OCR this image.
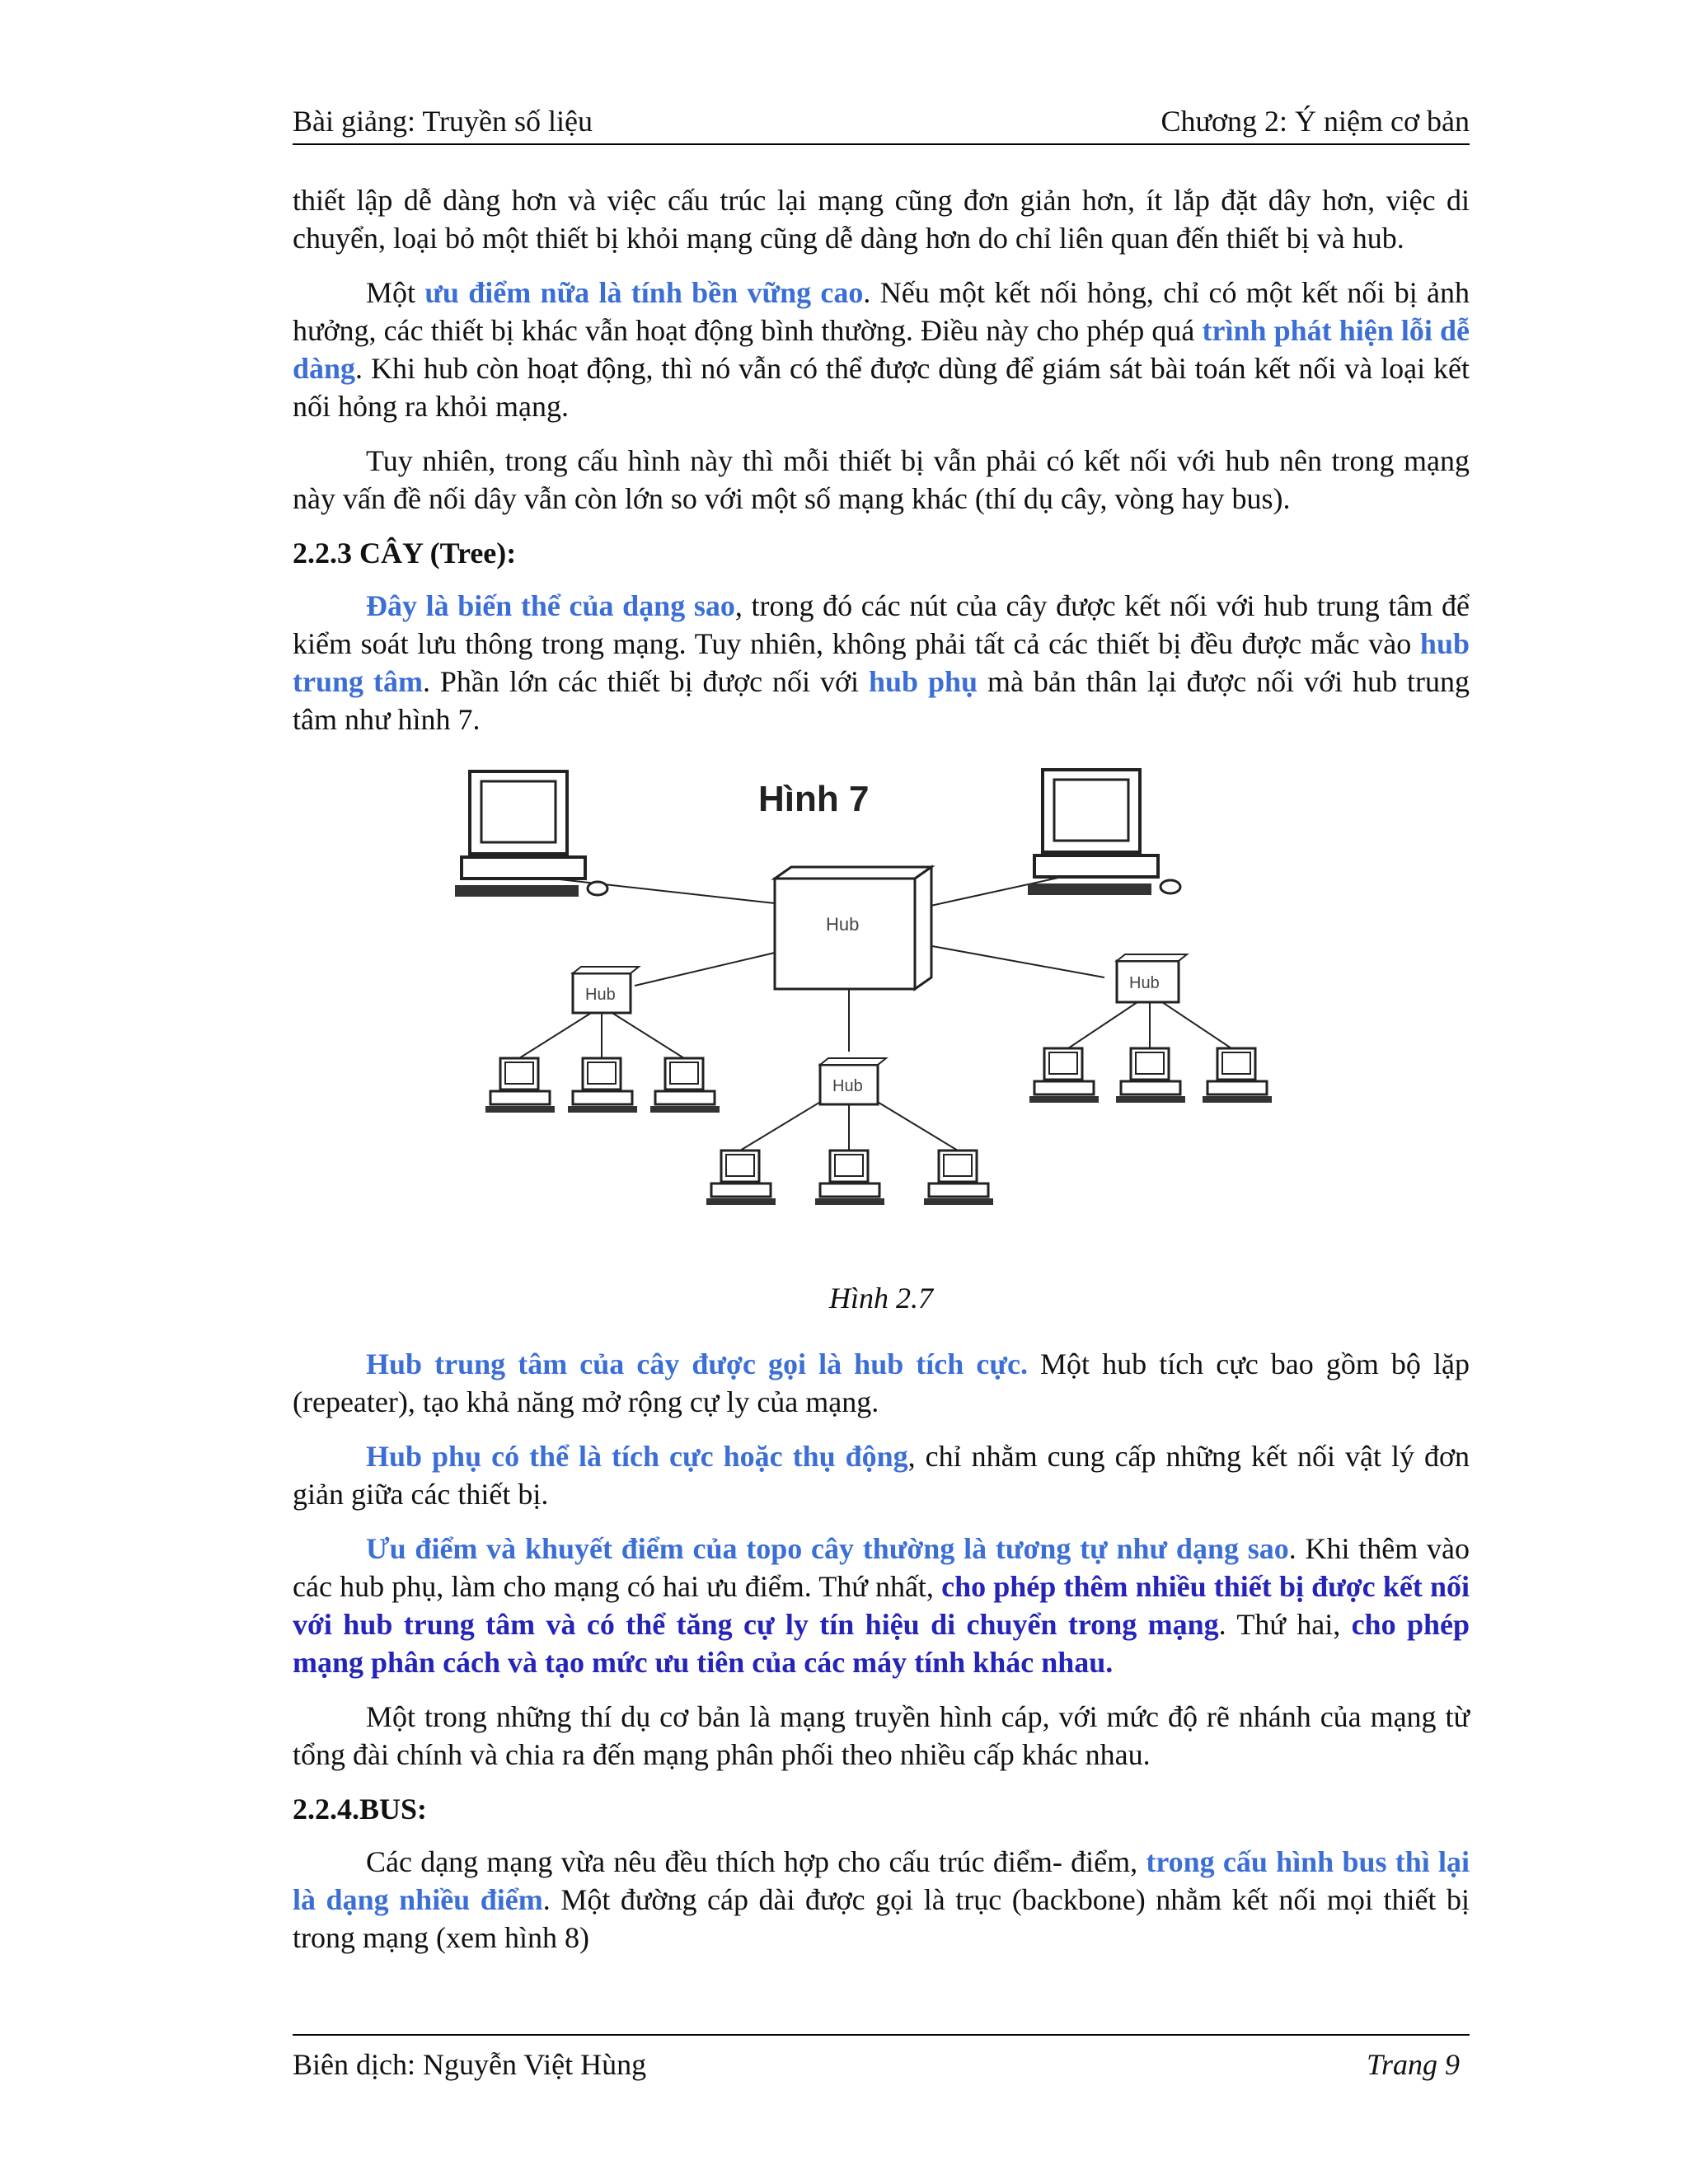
Bài giảng: Truyền số liệu	Chương 2: Ý niệm cơ bản

thiết lập dễ dàng hơn và việc cấu trúc lại mạng cũng đơn giản hơn, ít lắp đặt dây hơn, việc di chuyển, loại bỏ một thiết bị khỏi mạng cũng dễ dàng hơn do chỉ liên quan đến thiết bị và hub.

Một ưu điểm nữa là tính bền vững cao. Nếu một kết nối hỏng, chỉ có một kết nối bị ảnh hưởng, các thiết bị khác vẫn hoạt động bình thường. Điều này cho phép quá trình phát hiện lỗi dễ dàng. Khi hub còn hoạt động, thì nó vẫn có thể được dùng để giám sát bài toán kết nối và loại kết nối hỏng ra khỏi mạng.

Tuy nhiên, trong cấu hình này thì mỗi thiết bị vẫn phải có kết nối với hub nên trong mạng này vấn đề nối dây vẫn còn lớn so với một số mạng khác (thí dụ cây, vòng hay bus).

2.2.3 CÂY (Tree):

Đây là biến thể của dạng sao, trong đó các nút của cây được kết nối với hub trung tâm để kiểm soát lưu thông trong mạng. Tuy nhiên, không phải tất cả các thiết bị đều được mắc vào hub trung tâm. Phần lớn các thiết bị được nối với hub phụ mà bản thân lại được nối với hub trung tâm như hình 7.

Hình 7
Hub
Hub
Hub
Hub
Hình 2.7

Hub trung tâm của cây được gọi là hub tích cực. Một hub tích cực bao gồm bộ lặp (repeater), tạo khả năng mở rộng cự ly của mạng.

Hub phụ có thể là tích cực hoặc thụ động, chỉ nhằm cung cấp những kết nối vật lý đơn giản giữa các thiết bị.

Ưu điểm và khuyết điểm của topo cây thường là tương tự như dạng sao. Khi thêm vào các hub phụ, làm cho mạng có hai ưu điểm. Thứ nhất, cho phép thêm nhiều thiết bị được kết nối với hub trung tâm và có thể tăng cự ly tín hiệu di chuyển trong mạng. Thứ hai, cho phép mạng phân cách và tạo mức ưu tiên của các máy tính khác nhau.

Một trong những thí dụ cơ bản là mạng truyền hình cáp, với mức độ rẽ nhánh của mạng từ tổng đài chính và chia ra đến mạng phân phối theo nhiều cấp khác nhau.

2.2.4.BUS:

Các dạng mạng vừa nêu đều thích hợp cho cấu trúc điểm- điểm, trong cấu hình bus thì lại là dạng nhiều điểm. Một đường cáp dài được gọi là trục (backbone) nhằm kết nối mọi thiết bị trong mạng (xem hình 8)

Biên dịch: Nguyễn Việt Hùng	Trang 9
